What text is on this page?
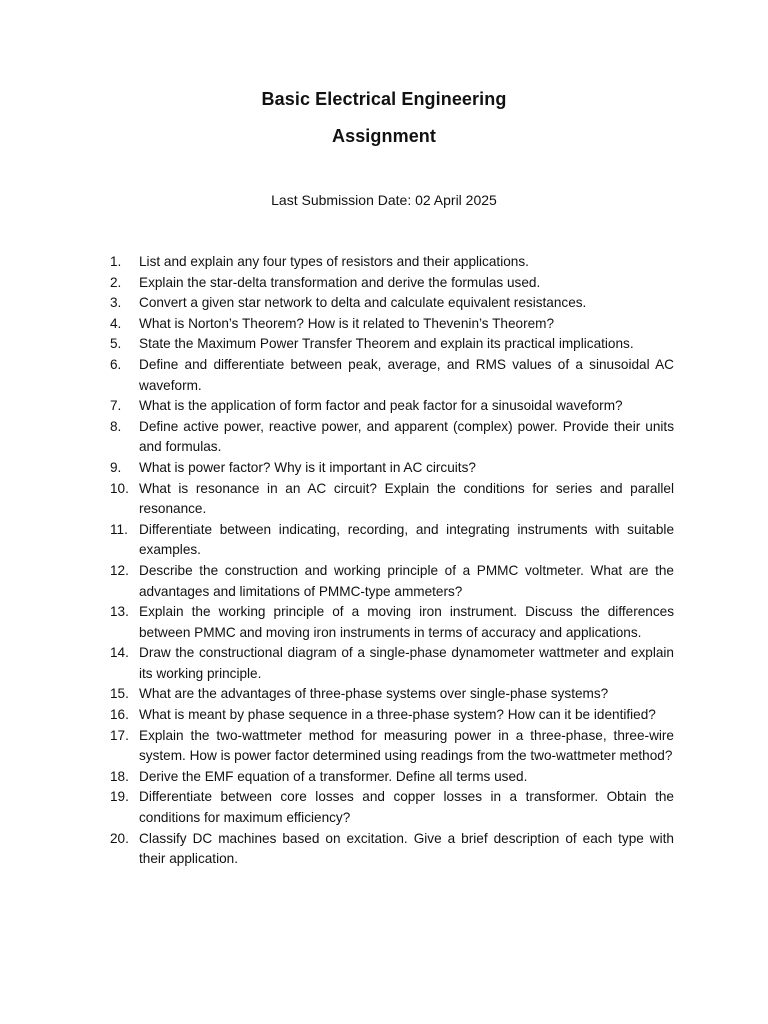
Basic Electrical Engineering
Assignment
Last Submission Date: 02 April 2025
1.	List and explain any four types of resistors and their applications.
2.	Explain the star-delta transformation and derive the formulas used.
3.	Convert a given star network to delta and calculate equivalent resistances.
4.	What is Norton’s Theorem? How is it related to Thevenin’s Theorem?
5.	State the Maximum Power Transfer Theorem and explain its practical implications.
6.	Define and differentiate between peak, average, and RMS values of a sinusoidal AC waveform.
7.	What is the application of form factor and peak factor for a sinusoidal waveform?
8.	Define active power, reactive power, and apparent (complex) power. Provide their units and formulas.
9.	What is power factor? Why is it important in AC circuits?
10. What is resonance in an AC circuit? Explain the conditions for series and parallel resonance.
11. Differentiate between indicating, recording, and integrating instruments with suitable examples.
12. Describe the construction and working principle of a PMMC voltmeter. What are the advantages and limitations of PMMC-type ammeters?
13. Explain the working principle of a moving iron instrument. Discuss the differences between PMMC and moving iron instruments in terms of accuracy and applications.
14. Draw the constructional diagram of a single-phase dynamometer wattmeter and explain its working principle.
15. What are the advantages of three-phase systems over single-phase systems?
16. What is meant by phase sequence in a three-phase system? How can it be identified?
17. Explain the two-wattmeter method for measuring power in a three-phase, three-wire system. How is power factor determined using readings from the two-wattmeter method?
18. Derive the EMF equation of a transformer. Define all terms used.
19. Differentiate between core losses and copper losses in a transformer. Obtain the conditions for maximum efficiency?
20. Classify DC machines based on excitation. Give a brief description of each type with their application.
